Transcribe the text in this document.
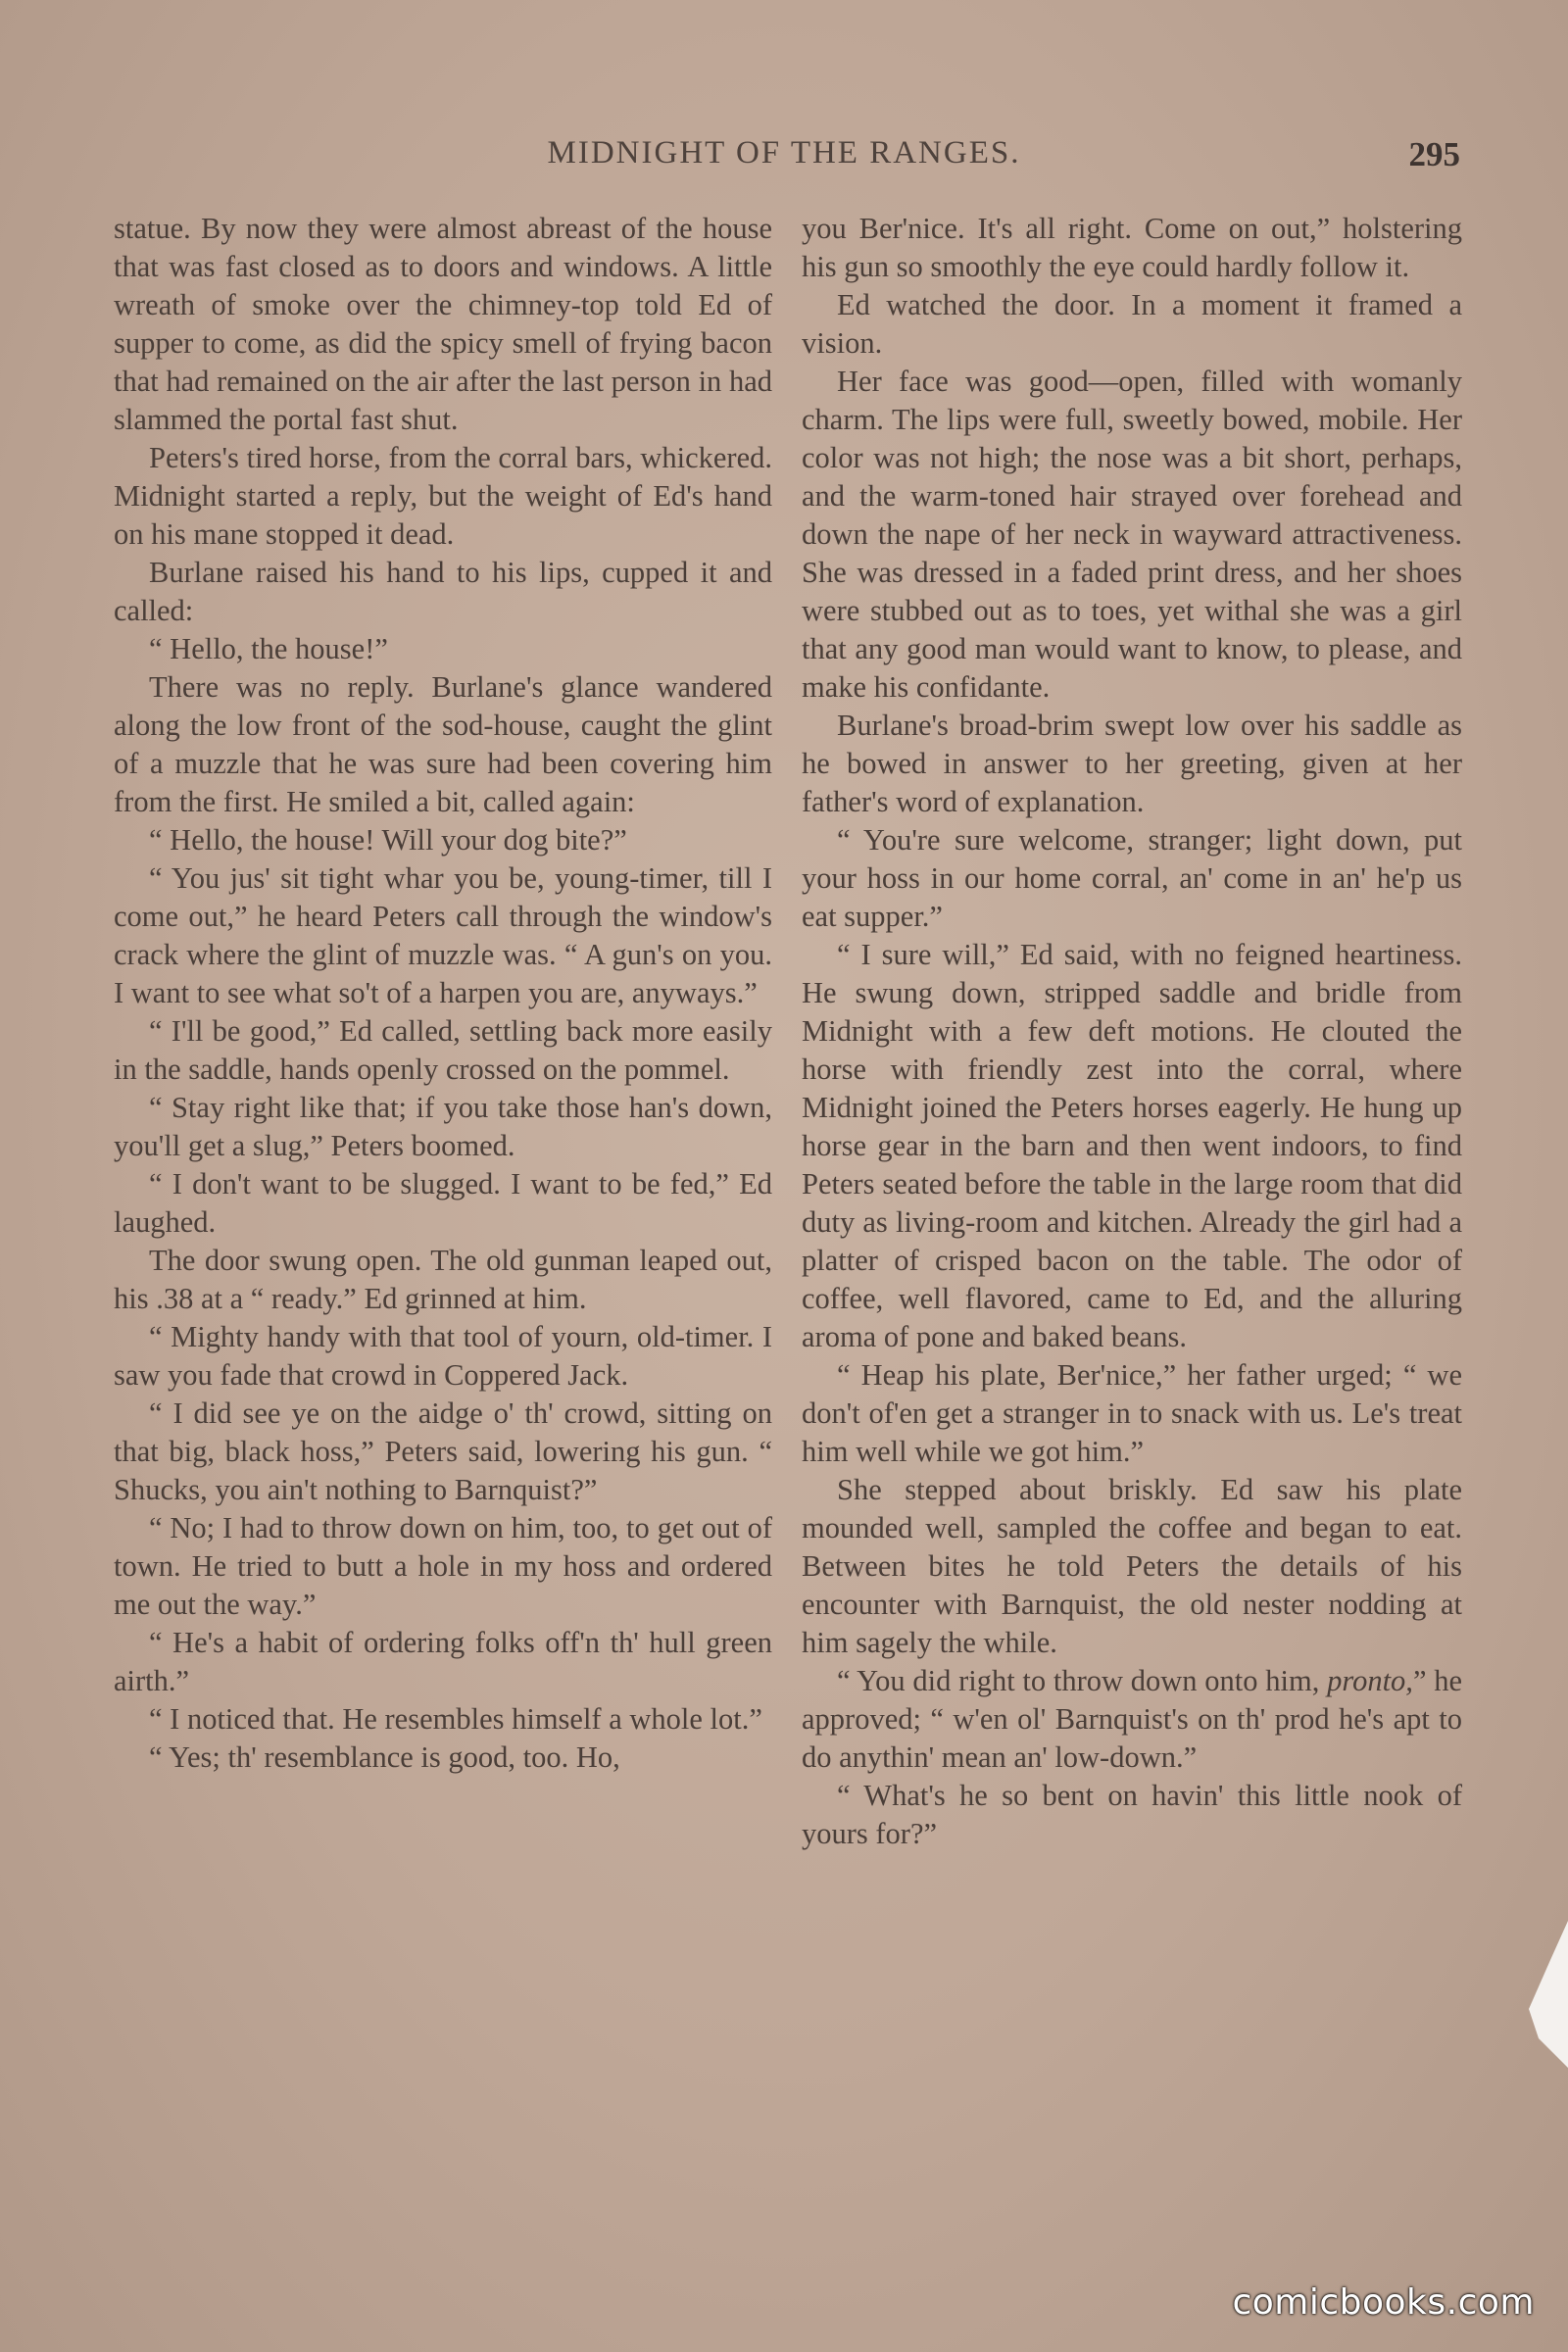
MIDNIGHT OF THE RANGES.	295

statue. By now they were almost abreast of the house that was fast closed as to doors and windows. A little wreath of smoke over the chimney-top told Ed of supper to come, as did the spicy smell of frying bacon that had remained on the air after the last person in had slammed the portal fast shut.

Peters's tired horse, from the corral bars, whickered. Midnight started a reply, but the weight of Ed's hand on his mane stopped it dead.

Burlane raised his hand to his lips, cupped it and called:

“ Hello, the house!”

There was no reply. Burlane's glance wandered along the low front of the sod-house, caught the glint of a muzzle that he was sure had been covering him from the first. He smiled a bit, called again:

“ Hello, the house! Will your dog bite?”

“ You jus' sit tight whar you be, young-timer, till I come out,” he heard Peters call through the window's crack where the glint of muzzle was. “ A gun's on you. I want to see what so't of a harpen you are, anyways.”

“ I'll be good,” Ed called, settling back more easily in the saddle, hands openly crossed on the pommel.

“ Stay right like that; if you take those han's down, you'll get a slug,” Peters boomed.

“ I don't want to be slugged. I want to be fed,” Ed laughed.

The door swung open. The old gunman leaped out, his .38 at a “ ready.” Ed grinned at him.

“ Mighty handy with that tool of yourn, old-timer. I saw you fade that crowd in Coppered Jack.

“ I did see ye on the aidge o' th' crowd, sitting on that big, black hoss,” Peters said, lowering his gun. “ Shucks, you ain't nothing to Barnquist?”

“ No; I had to throw down on him, too, to get out of town. He tried to butt a hole in my hoss and ordered me out the way.”

“ He's a habit of ordering folks off'n th' hull green airth.”

“ I noticed that. He resembles himself a whole lot.”

“ Yes; th' resemblance is good, too. Ho,

you Ber'nice. It's all right. Come on out,” holstering his gun so smoothly the eye could hardly follow it.

Ed watched the door. In a moment it framed a vision.

Her face was good—open, filled with womanly charm. The lips were full, sweetly bowed, mobile. Her color was not high; the nose was a bit short, perhaps, and the warm-toned hair strayed over forehead and down the nape of her neck in wayward attractiveness. She was dressed in a faded print dress, and her shoes were stubbed out as to toes, yet withal she was a girl that any good man would want to know, to please, and make his confidante.

Burlane's broad-brim swept low over his saddle as he bowed in answer to her greeting, given at her father's word of explanation.

“ You're sure welcome, stranger; light down, put your hoss in our home corral, an' come in an' he'p us eat supper.”

“ I sure will,” Ed said, with no feigned heartiness. He swung down, stripped saddle and bridle from Midnight with a few deft motions. He clouted the horse with friendly zest into the corral, where Midnight joined the Peters horses eagerly. He hung up horse gear in the barn and then went indoors, to find Peters seated before the table in the large room that did duty as living-room and kitchen. Already the girl had a platter of crisped bacon on the table. The odor of coffee, well flavored, came to Ed, and the alluring aroma of pone and baked beans.

“ Heap his plate, Ber'nice,” her father urged; “ we don't of'en get a stranger in to snack with us. Le's treat him well while we got him.”

She stepped about briskly. Ed saw his plate mounded well, sampled the coffee and began to eat. Between bites he told Peters the details of his encounter with Barnquist, the old nester nodding at him sagely the while.

“ You did right to throw down onto him, pronto,” he approved; “ w'en ol' Barnquist's on th' prod he's apt to do anythin' mean an' low-down.”

“ What's he so bent on havin' this little nook of yours for?”

comicbooks.com
